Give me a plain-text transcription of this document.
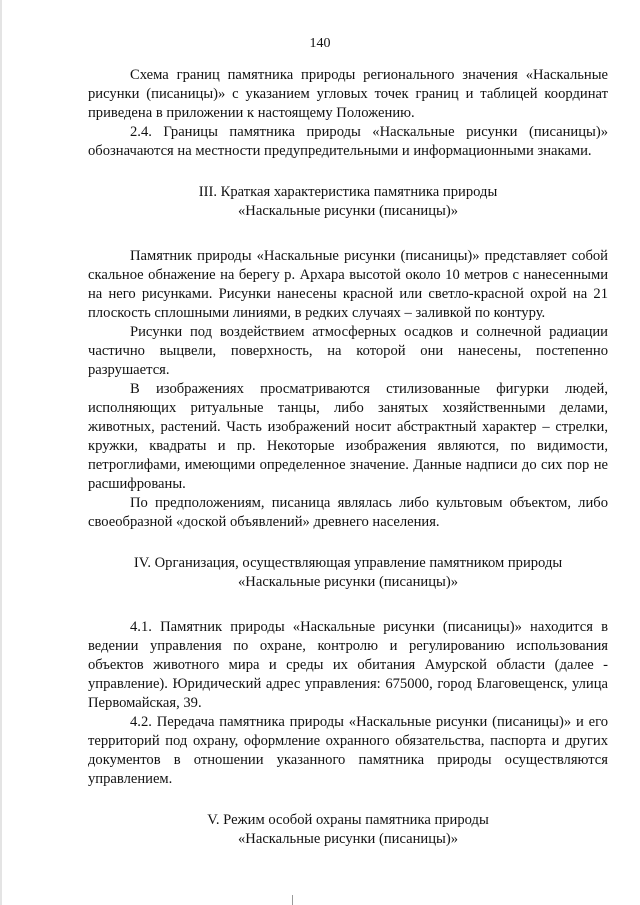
140

Схема границ памятника природы регионального значения «Наскальные рисунки (писаницы)» с указанием угловых точек границ и таблицей координат приведена в приложении к настоящему Положению.

2.4. Границы памятника природы «Наскальные рисунки (писаницы)» обозначаются на местности предупредительными и информационными знаками.

III. Краткая характеристика памятника природы
«Наскальные рисунки (писаницы)»

Памятник природы «Наскальные рисунки (писаницы)» представляет собой скальное обнажение на берегу р. Архара высотой около 10 метров с нанесенными на него рисунками. Рисунки нанесены красной или светло-красной охрой на 21 плоскость сплошными линиями, в редких случаях – заливкой по контуру.

Рисунки под воздействием атмосферных осадков и солнечной радиации частично выцвели, поверхность, на которой они нанесены, постепенно разрушается.

В изображениях просматриваются стилизованные фигурки людей, исполняющих ритуальные танцы, либо занятых хозяйственными делами, животных, растений. Часть изображений носит абстрактный характер – стрелки, кружки, квадраты и пр. Некоторые изображения являются, по видимости, петроглифами, имеющими определенное значение. Данные надписи до сих пор не расшифрованы.

По предположениям, писаница являлась либо культовым объектом, либо своеобразной «доской объявлений» древнего населения.

IV. Организация, осуществляющая управление памятником природы
«Наскальные рисунки (писаницы)»

4.1. Памятник природы «Наскальные рисунки (писаницы)» находится в ведении управления по охране, контролю и регулированию использования объектов животного мира и среды их обитания Амурской области (далее - управление). Юридический адрес управления: 675000, город Благовещенск, улица Первомайская, 39.

4.2. Передача памятника природы «Наскальные рисунки (писаницы)» и его территорий под охрану, оформление охранного обязательства, паспорта и других документов в отношении указанного памятника природы осуществляются управлением.

V. Режим особой охраны памятника природы
«Наскальные рисунки (писаницы)»
